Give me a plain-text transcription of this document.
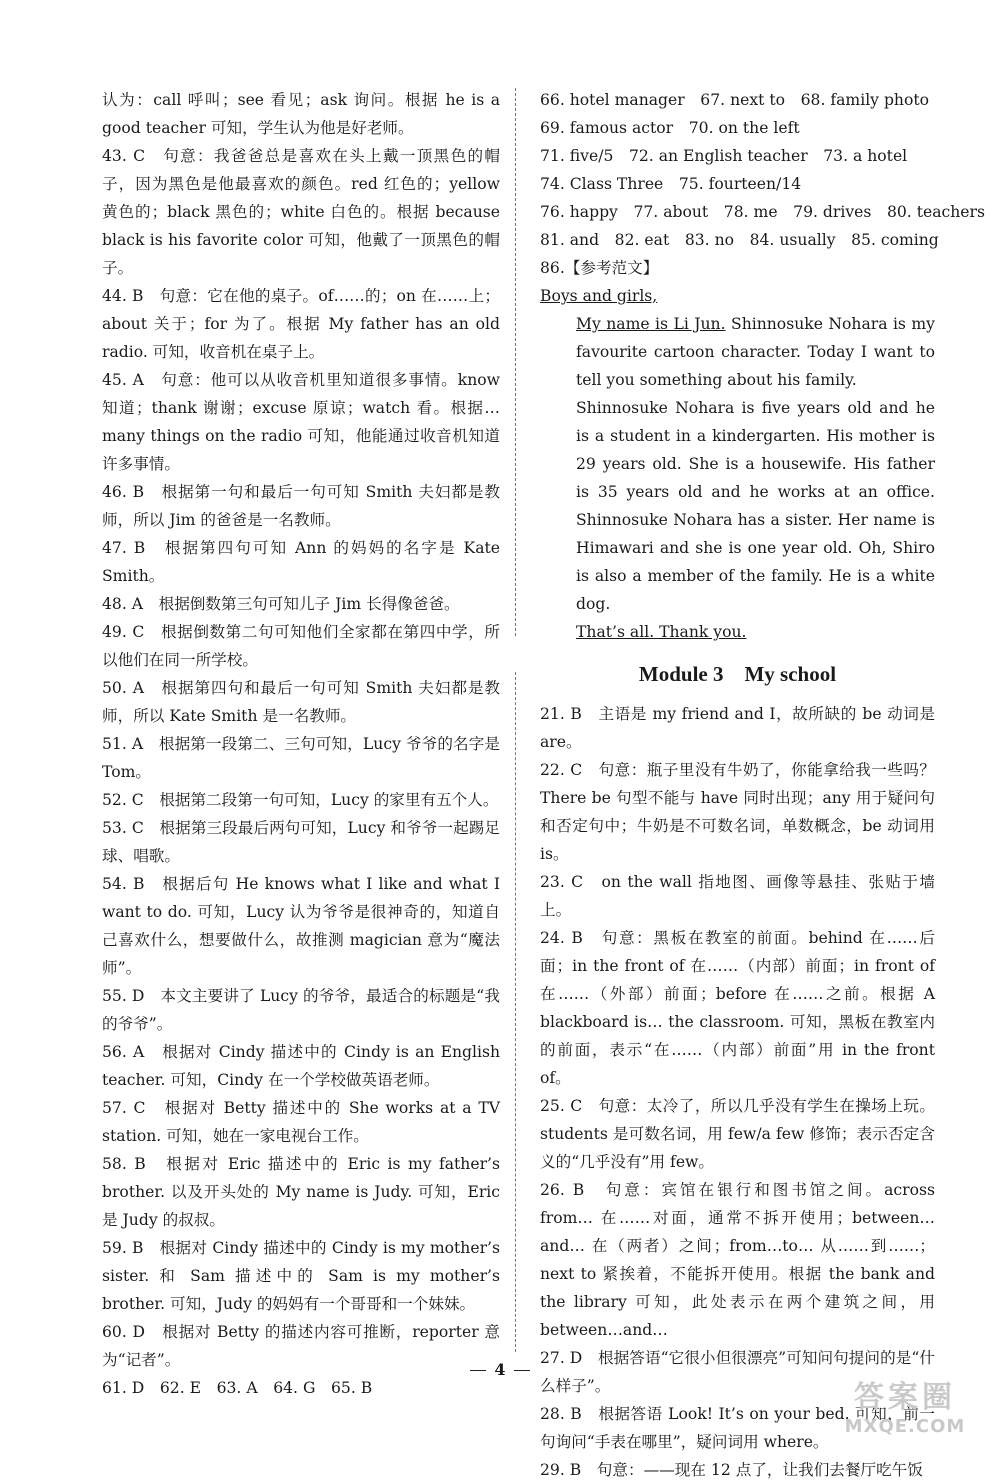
认为：call 呼叫；see 看见；ask 询问。根据 he is a good teacher 可知，学生认为他是好老师。
43. C　句意：我爸爸总是喜欢在头上戴一顶黑色的帽子，因为黑色是他最喜欢的颜色。red 红色的；yellow 黄色的；black 黑色的；white 白色的。根据 because black is his favorite color 可知，他戴了一顶黑色的帽子。
44. B　句意：它在他的桌子。of……的；on 在……上；about 关于；for 为了。根据 My father has an old radio. 可知，收音机在桌子上。
45. A　句意：他可以从收音机里知道很多事情。know 知道；thank 谢谢；excuse 原谅；watch 看。根据…many things on the radio 可知，他能通过收音机知道许多事情。
46. B　根据第一句和最后一句可知 Smith 夫妇都是教师，所以 Jim 的爸爸是一名教师。
47. B　根据第四句可知 Ann 的妈妈的名字是 Kate Smith。
48. A　根据倒数第三句可知儿子 Jim 长得像爸爸。
49. C　根据倒数第二句可知他们全家都在第四中学，所以他们在同一所学校。
50. A　根据第四句和最后一句可知 Smith 夫妇都是教师，所以 Kate Smith 是一名教师。
51. A　根据第一段第二、三句可知，Lucy 爷爷的名字是 Tom。
52. C　根据第二段第一句可知，Lucy 的家里有五个人。
53. C　根据第三段最后两句可知，Lucy 和爷爷一起踢足球、唱歌。
54. B　根据后句 He knows what I like and what I want to do. 可知，Lucy 认为爷爷是很神奇的，知道自己喜欢什么，想要做什么，故推测 magician 意为“魔法师”。
55. D　本文主要讲了 Lucy 的爷爷，最适合的标题是“我的爷爷”。
56. A　根据对 Cindy 描述中的 Cindy is an English teacher. 可知，Cindy 在一个学校做英语老师。
57. C　根据对 Betty 描述中的 She works at a TV station. 可知，她在一家电视台工作。
58. B　根据对 Eric 描述中的 Eric is my father’s brother. 以及开头处的 My name is Judy. 可知，Eric 是 Judy 的叔叔。
59. B　根据对 Cindy 描述中的 Cindy is my mother’s sister. 和 Sam 描述中的 Sam is my mother’s brother. 可知，Judy 的妈妈有一个哥哥和一个妹妹。
60. D　根据对 Betty 的描述内容可推断，reporter 意为“记者”。
61. D　62. E　63. A　64. G　65. B
66. hotel manager　67. next to　68. family photo
69. famous actor　70. on the left
71. five/5　72. an English teacher　73. a hotel
74. Class Three　75. fourteen/14
76. happy　77. about　78. me　79. drives　80. teachers
81. and　82. eat　83. no　84. usually　85. coming
86.【参考范文】
Boys and girls,
My name is Li Jun. Shinnosuke Nohara is my favourite cartoon character. Today I want to tell you something about his family.
Shinnosuke Nohara is five years old and he is a student in a kindergarten. His mother is 29 years old. She is a housewife. His father is 35 years old and he works at an office. Shinnosuke Nohara has a sister. Her name is Himawari and she is one year old. Oh, Shiro is also a member of the family. He is a white dog.
That’s all. Thank you.
Module 3　My school
21. B　主语是 my friend and I，故所缺的 be 动词是 are。
22. C　句意：瓶子里没有牛奶了，你能拿给我一些吗？There be 句型不能与 have 同时出现；any 用于疑问句和否定句中；牛奶是不可数名词，单数概念，be 动词用 is。
23. C　on the wall 指地图、画像等悬挂、张贴于墙上。
24. B　句意：黑板在教室的前面。behind 在……后面；in the front of 在……（内部）前面；in front of 在……（外部）前面；before 在……之前。根据 A blackboard is… the classroom. 可知，黑板在教室内的前面，表示“在……（内部）前面”用 in the front of。
25. C　句意：太冷了，所以几乎没有学生在操场上玩。students 是可数名词，用 few/a few 修饰；表示否定含义的“几乎没有”用 few。
26. B　句意：宾馆在银行和图书馆之间。across from… 在……对面，通常不拆开使用；between…and… 在（两者）之间；from…to… 从……到……；next to 紧挨着，不能拆开使用。根据 the bank and the library 可知，此处表示在两个建筑之间，用 between…and…
27. D　根据答语“它很小但很漂亮”可知问句提问的是“什么样子”。
28. B　根据答语 Look! It’s on your bed. 可知，前一句询问“手表在哪里”，疑问词用 where。
29. B　句意：——现在 12 点了，让我们去餐厅吃午饭
4
答案圈
MXQE.COM
